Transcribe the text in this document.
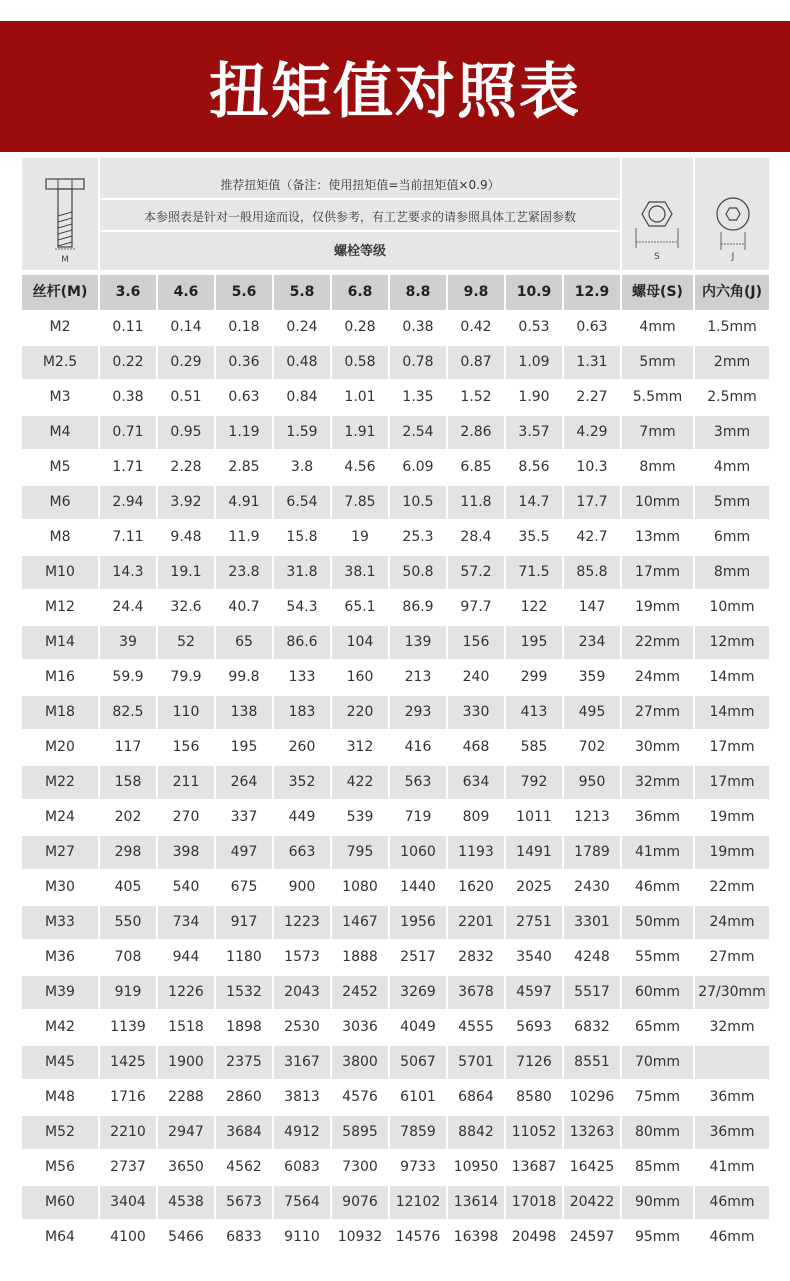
扭矩值对照表
M
推荐扭矩值（备注：使用扭矩值=当前扭矩值×0.9）
本参照表是针对一般用途而设，仅供参考，有工艺要求的请参照具体工艺紧固参数
螺栓等级	S	J
丝杆(M)	3.6	4.6	5.6	5.8	6.8	8.8	9.8	10.9	12.9	螺母(S)	内六角(J)
M2	0.11	0.14	0.18	0.24	0.28	0.38	0.42	0.53	0.63	4mm	1.5mm
M2.5	0.22	0.29	0.36	0.48	0.58	0.78	0.87	1.09	1.31	5mm	2mm
M3	0.38	0.51	0.63	0.84	1.01	1.35	1.52	1.90	2.27	5.5mm	2.5mm
M4	0.71	0.95	1.19	1.59	1.91	2.54	2.86	3.57	4.29	7mm	3mm
M5	1.71	2.28	2.85	3.8	4.56	6.09	6.85	8.56	10.3	8mm	4mm
M6	2.94	3.92	4.91	6.54	7.85	10.5	11.8	14.7	17.7	10mm	5mm
M8	7.11	9.48	11.9	15.8	19	25.3	28.4	35.5	42.7	13mm	6mm
M10	14.3	19.1	23.8	31.8	38.1	50.8	57.2	71.5	85.8	17mm	8mm
M12	24.4	32.6	40.7	54.3	65.1	86.9	97.7	122	147	19mm	10mm
M14	39	52	65	86.6	104	139	156	195	234	22mm	12mm
M16	59.9	79.9	99.8	133	160	213	240	299	359	24mm	14mm
M18	82.5	110	138	183	220	293	330	413	495	27mm	14mm
M20	117	156	195	260	312	416	468	585	702	30mm	17mm
M22	158	211	264	352	422	563	634	792	950	32mm	17mm
M24	202	270	337	449	539	719	809	1011	1213	36mm	19mm
M27	298	398	497	663	795	1060	1193	1491	1789	41mm	19mm
M30	405	540	675	900	1080	1440	1620	2025	2430	46mm	22mm
M33	550	734	917	1223	1467	1956	2201	2751	3301	50mm	24mm
M36	708	944	1180	1573	1888	2517	2832	3540	4248	55mm	27mm
M39	919	1226	1532	2043	2452	3269	3678	4597	5517	60mm	27/30mm
M42	1139	1518	1898	2530	3036	4049	4555	5693	6832	65mm	32mm
M45	1425	1900	2375	3167	3800	5067	5701	7126	8551	70mm
M48	1716	2288	2860	3813	4576	6101	6864	8580	10296	75mm	36mm
M52	2210	2947	3684	4912	5895	7859	8842	11052 13263	80mm	36mm
M56	2737	3650	4562	6083	7300	9733	10950 13687 16425	85mm	41mm
M60	3404	4538	5673	7564	9076	12102 13614 17018 20422	90mm	46mm
M64	4100	5466	6833	9110	10932 14576 16398 20498 24597	95mm	46mm
